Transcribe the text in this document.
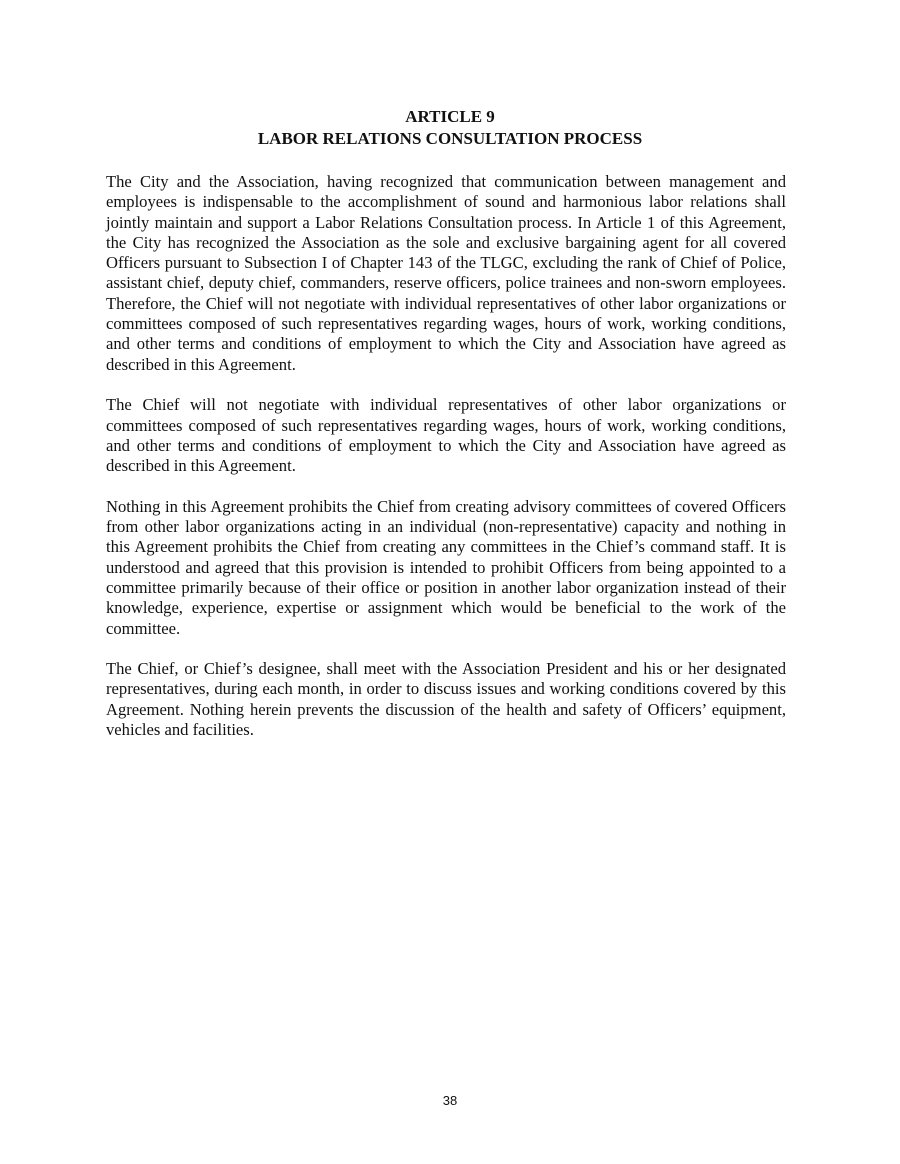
ARTICLE 9
LABOR RELATIONS CONSULTATION PROCESS

The City and the Association, having recognized that communication between management and employees is indispensable to the accomplishment of sound and harmonious labor relations shall jointly maintain and support a Labor Relations Consultation process. In Article 1 of this Agreement, the City has recognized the Association as the sole and exclusive bargaining agent for all covered Officers pursuant to Subsection I of Chapter 143 of the TLGC, excluding the rank of Chief of Police, assistant chief, deputy chief, commanders, reserve officers, police trainees and non-sworn employees. Therefore, the Chief will not negotiate with individual representatives of other labor organizations or committees composed of such representatives regarding wages, hours of work, working conditions, and other terms and conditions of employment to which the City and Association have agreed as described in this Agreement.

The Chief will not negotiate with individual representatives of other labor organizations or committees composed of such representatives regarding wages, hours of work, working conditions, and other terms and conditions of employment to which the City and Association have agreed as described in this Agreement.

Nothing in this Agreement prohibits the Chief from creating advisory committees of covered Officers from other labor organizations acting in an individual (non-representative) capacity and nothing in this Agreement prohibits the Chief from creating any committees in the Chief’s command staff. It is understood and agreed that this provision is intended to prohibit Officers from being appointed to a committee primarily because of their office or position in another labor organization instead of their knowledge, experience, expertise or assignment which would be beneficial to the work of the committee.

The Chief, or Chief’s designee, shall meet with the Association President and his or her designated representatives, during each month, in order to discuss issues and working conditions covered by this Agreement. Nothing herein prevents the discussion of the health and safety of Officers’ equipment, vehicles and facilities.

38
